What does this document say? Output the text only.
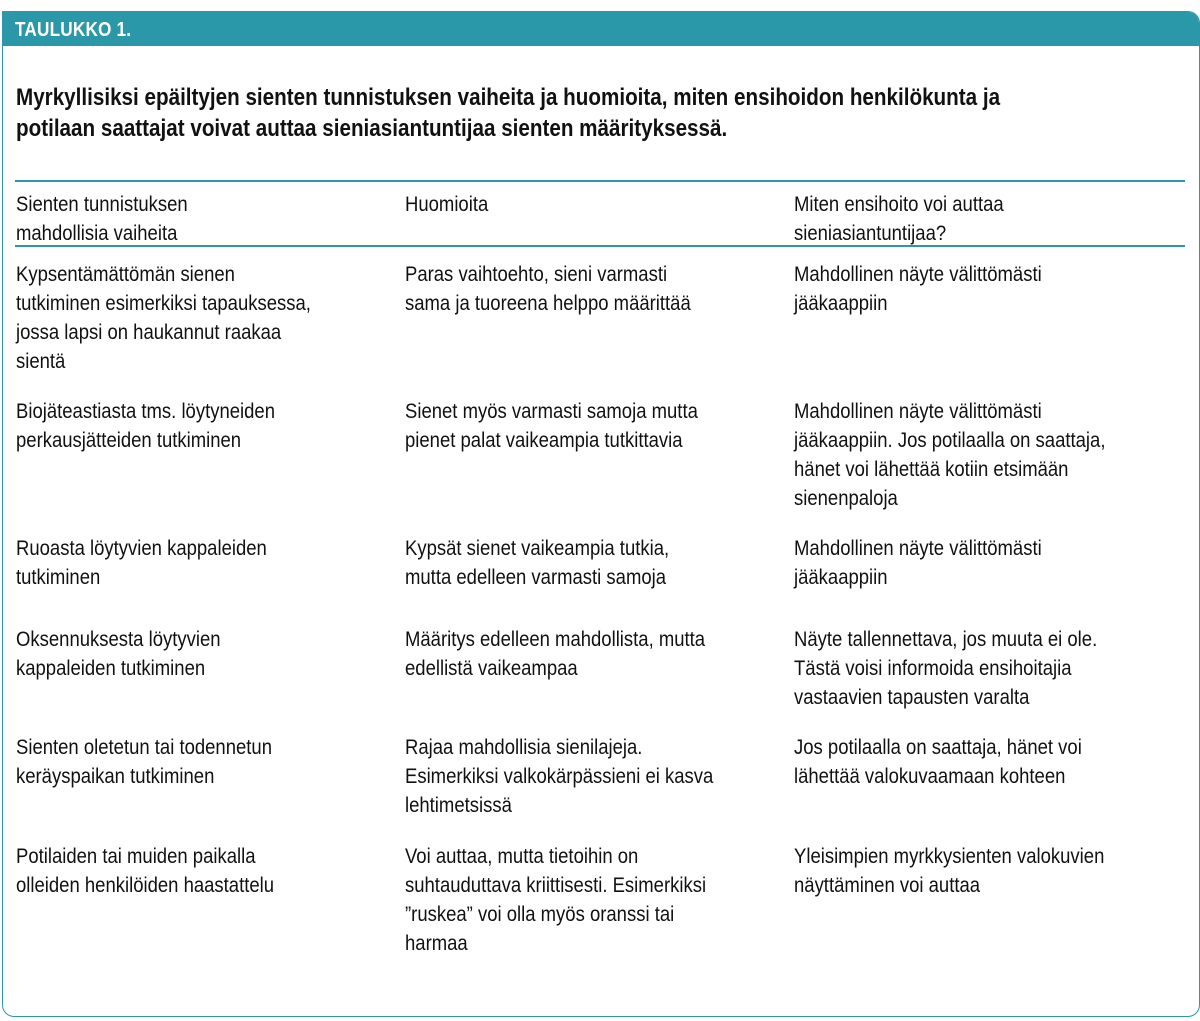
TAULUKKO 1.
Myrkyllisiksi epäiltyjen sienten tunnistuksen vaiheita ja huomioita, miten ensihoidon henkilökunta ja
potilaan saattajat voivat auttaa sieniasiantuntijaa sienten määrityksessä.
Sienten tunnistuksen
mahdollisia vaiheita
Huomioita	Miten ensihoito voi auttaa
sieniasiantuntijaa?
Kypsentämättömän sienen
tutkiminen esimerkiksi tapauksessa,
jossa lapsi on haukannut raakaa
sientä
Paras vaihtoehto, sieni varmasti
sama ja tuoreena helppo määrittää
Mahdollinen näyte välittömästi
jääkaappiin
Biojäteastiasta tms. löytyneiden
perkausjätteiden tutkiminen
Sienet myös varmasti samoja mutta
pienet palat vaikeampia tutkittavia
Mahdollinen näyte välittömästi
jääkaappiin. Jos potilaalla on saattaja,
hänet voi lähettää kotiin etsimään
sienenpaloja
Ruoasta löytyvien kappaleiden
tutkiminen
Kypsät sienet vaikeampia tutkia,
mutta edelleen varmasti samoja
Mahdollinen näyte välittömästi
jääkaappiin
Oksennuksesta löytyvien
kappaleiden tutkiminen
Määritys edelleen mahdollista, mutta
edellistä vaikeampaa
Näyte tallennettava, jos muuta ei ole.
Tästä voisi informoida ensihoitajia
vastaavien tapausten varalta
Sienten oletetun tai todennetun
keräyspaikan tutkiminen
Rajaa mahdollisia sienilajeja.
Esimerkiksi valkokärpässieni ei kasva
lehtimetsissä
Jos potilaalla on saattaja, hänet voi
lähettää valokuvaamaan kohteen
Potilaiden tai muiden paikalla
olleiden henkilöiden haastattelu
Voi auttaa, mutta tietoihin on
suhtauduttava kriittisesti. Esimerkiksi
”ruskea” voi olla myös oranssi tai
harmaa
Yleisimpien myrkkysienten valokuvien
näyttäminen voi auttaa
